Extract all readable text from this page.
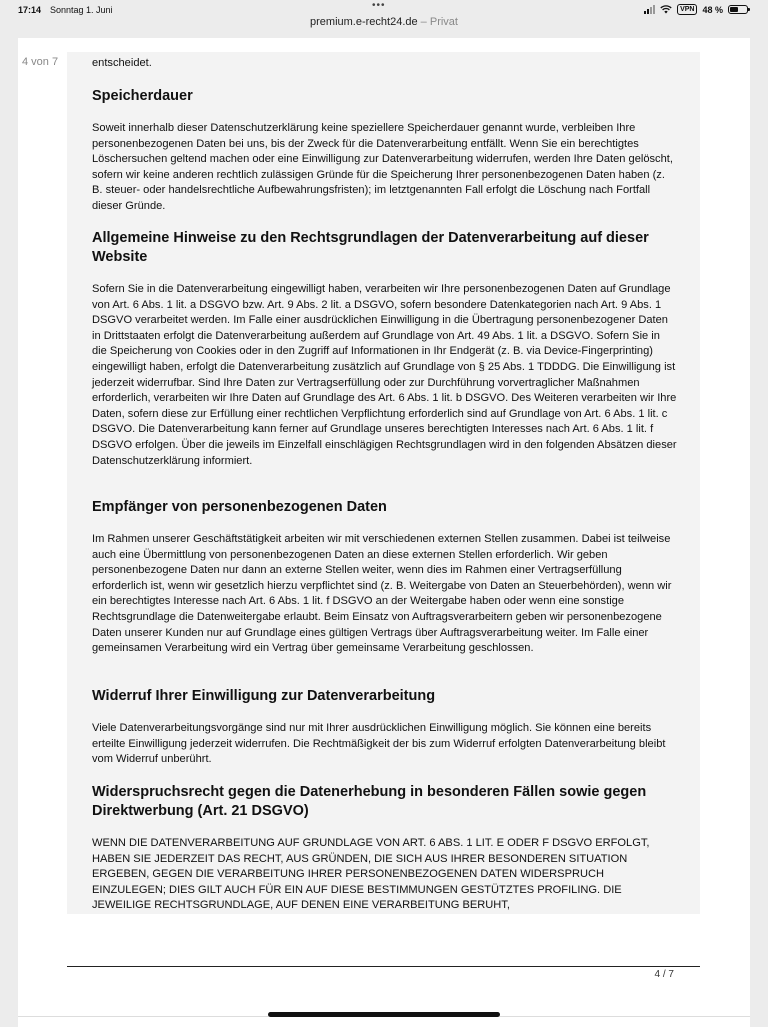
17:14 Sonntag 1. Juni	•••	VPN 48 %
premium.e-recht24.de – Privat
4 von 7	entscheidet.

Speicherdauer

Soweit innerhalb dieser Datenschutzerklärung keine speziellere Speicherdauer genannt wurde, verbleiben Ihre personenbezogenen Daten bei uns, bis der Zweck für die Datenverarbeitung entfällt. Wenn Sie ein berechtigtes Löschersuchen geltend machen oder eine Einwilligung zur Datenverarbeitung widerrufen, werden Ihre Daten gelöscht, sofern wir keine anderen rechtlich zulässigen Gründe für die Speicherung Ihrer personenbezogenen Daten haben (z. B. steuer- oder handelsrechtliche Aufbewahrungsfristen); im letztgenannten Fall erfolgt die Löschung nach Fortfall dieser Gründe.

Allgemeine Hinweise zu den Rechtsgrundlagen der Datenverarbeitung auf dieser Website

Sofern Sie in die Datenverarbeitung eingewilligt haben, verarbeiten wir Ihre personenbezogenen Daten auf Grundlage von Art. 6 Abs. 1 lit. a DSGVO bzw. Art. 9 Abs. 2 lit. a DSGVO, sofern besondere Datenkategorien nach Art. 9 Abs. 1 DSGVO verarbeitet werden. Im Falle einer ausdrücklichen Einwilligung in die Übertragung personenbezogener Daten in Drittstaaten erfolgt die Datenverarbeitung außerdem auf Grundlage von Art. 49 Abs. 1 lit. a DSGVO. Sofern Sie in die Speicherung von Cookies oder in den Zugriff auf Informationen in Ihr Endgerät (z. B. via Device-Fingerprinting) eingewilligt haben, erfolgt die Datenverarbeitung zusätzlich auf Grundlage von § 25 Abs. 1 TDDDG. Die Einwilligung ist jederzeit widerrufbar. Sind Ihre Daten zur Vertragserfüllung oder zur Durchführung vorvertraglicher Maßnahmen erforderlich, verarbeiten wir Ihre Daten auf Grundlage des Art. 6 Abs. 1 lit. b DSGVO. Des Weiteren verarbeiten wir Ihre Daten, sofern diese zur Erfüllung einer rechtlichen Verpflichtung erforderlich sind auf Grundlage von Art. 6 Abs. 1 lit. c DSGVO. Die Datenverarbeitung kann ferner auf Grundlage unseres berechtigten Interesses nach Art. 6 Abs. 1 lit. f DSGVO erfolgen. Über die jeweils im Einzelfall einschlägigen Rechtsgrundlagen wird in den folgenden Absätzen dieser Datenschutzerklärung informiert.

Empfänger von personenbezogenen Daten

Im Rahmen unserer Geschäftstätigkeit arbeiten wir mit verschiedenen externen Stellen zusammen. Dabei ist teilweise auch eine Übermittlung von personenbezogenen Daten an diese externen Stellen erforderlich. Wir geben personenbezogene Daten nur dann an externe Stellen weiter, wenn dies im Rahmen einer Vertragserfüllung erforderlich ist, wenn wir gesetzlich hierzu verpflichtet sind (z. B. Weitergabe von Daten an Steuerbehörden), wenn wir ein berechtigtes Interesse nach Art. 6 Abs. 1 lit. f DSGVO an der Weitergabe haben oder wenn eine sonstige Rechtsgrundlage die Datenweitergabe erlaubt. Beim Einsatz von Auftragsverarbeitern geben wir personenbezogene Daten unserer Kunden nur auf Grundlage eines gültigen Vertrags über Auftragsverarbeitung weiter. Im Falle einer gemeinsamen Verarbeitung wird ein Vertrag über gemeinsame Verarbeitung geschlossen.

Widerruf Ihrer Einwilligung zur Datenverarbeitung

Viele Datenverarbeitungsvorgänge sind nur mit Ihrer ausdrücklichen Einwilligung möglich. Sie können eine bereits erteilte Einwilligung jederzeit widerrufen. Die Rechtmäßigkeit der bis zum Widerruf erfolgten Datenverarbeitung bleibt vom Widerruf unberührt.

Widerspruchsrecht gegen die Datenerhebung in besonderen Fällen sowie gegen Direktwerbung (Art. 21 DSGVO)

WENN DIE DATENVERARBEITUNG AUF GRUNDLAGE VON ART. 6 ABS. 1 LIT. E ODER F DSGVO ERFOLGT, HABEN SIE JEDERZEIT DAS RECHT, AUS GRÜNDEN, DIE SICH AUS IHRER BESONDEREN SITUATION ERGEBEN, GEGEN DIE VERARBEITUNG IHRER PERSONENBEZOGENEN DATEN WIDERSPRUCH EINZULEGEN; DIES GILT AUCH FÜR EIN AUF DIESE BESTIMMUNGEN GESTÜTZTES PROFILING. DIE JEWEILIGE RECHTSGRUNDLAGE, AUF DENEN EINE VERARBEITUNG BERUHT,

4 / 7
